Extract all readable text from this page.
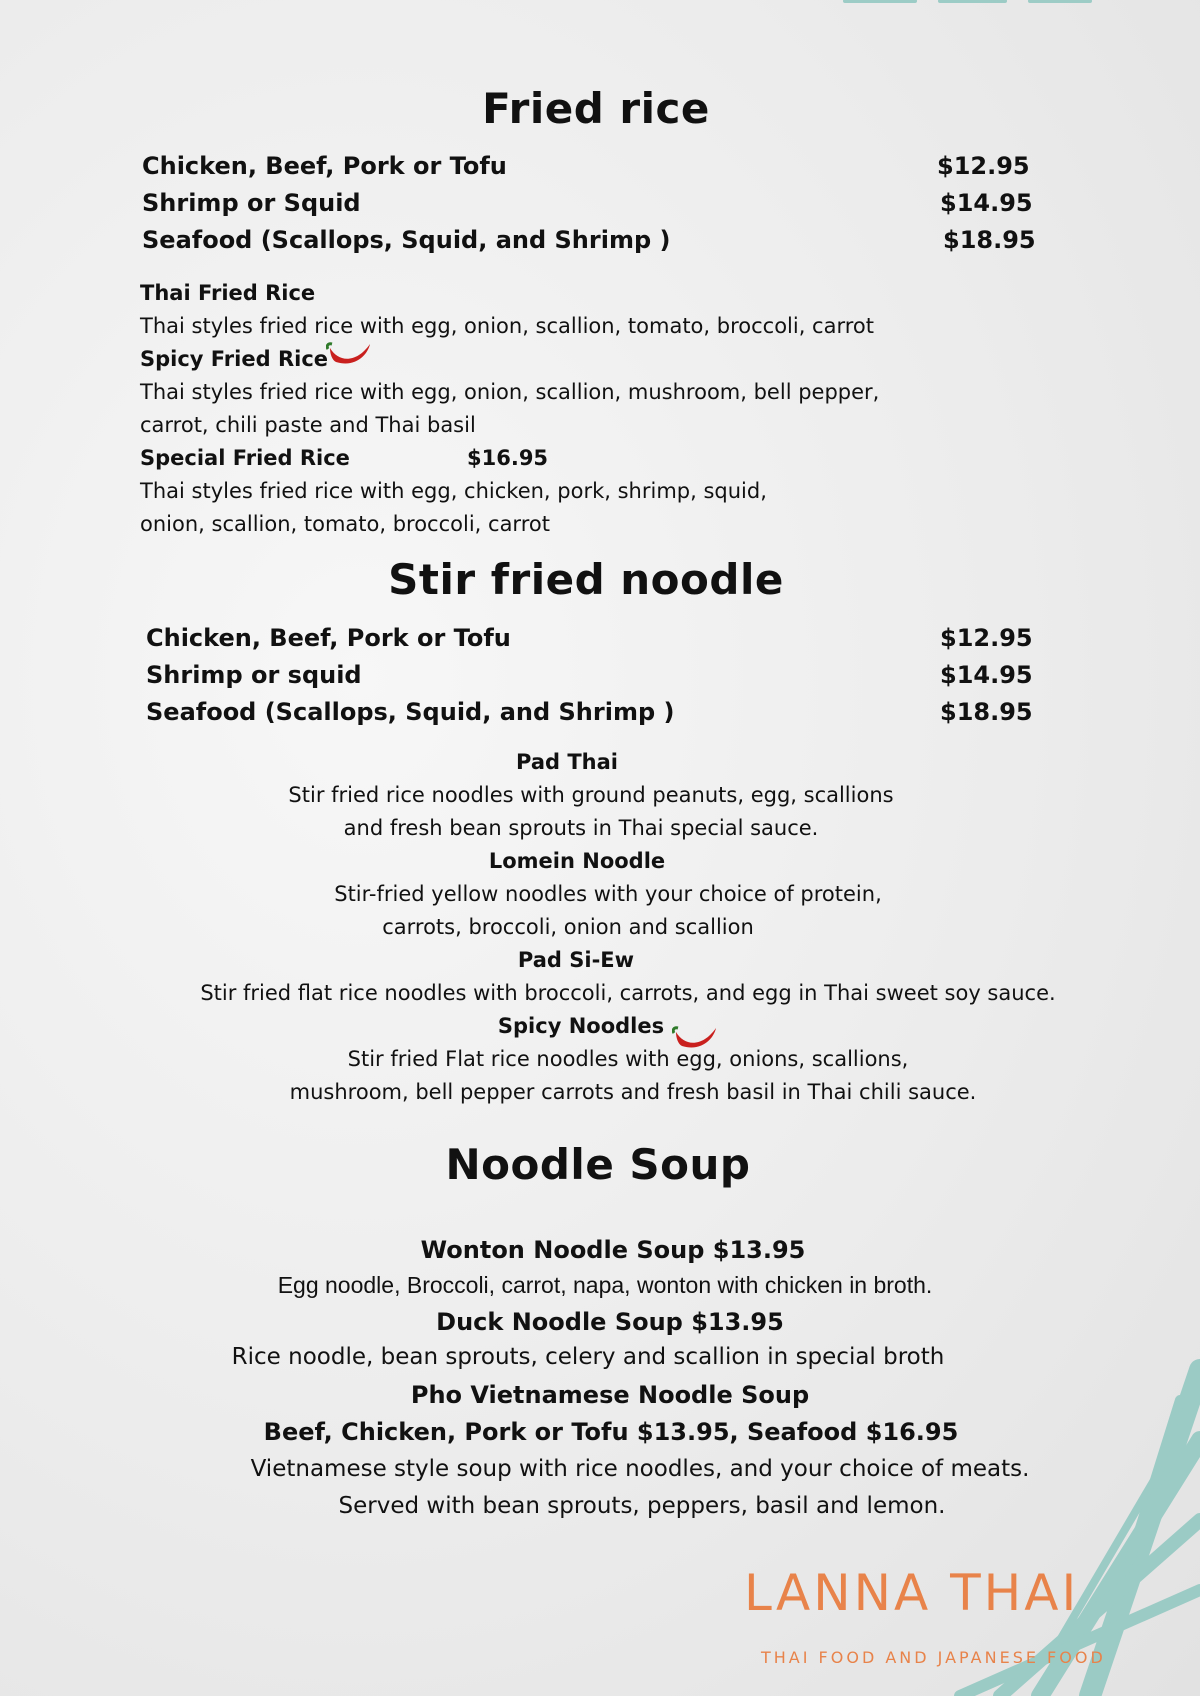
Fried rice
Chicken, Beef, Pork or Tofu	$12.95
Shrimp or Squid	$14.95
Seafood (Scallops, Squid, and Shrimp )	$18.95
Thai Fried Rice
Thai styles fried rice with egg, onion, scallion, tomato, broccoli, carrot
Spicy Fried Rice
Thai styles fried rice with egg, onion, scallion, mushroom, bell pepper,
carrot, chili paste and Thai basil
Special Fried Rice	$16.95
Thai styles fried rice with egg, chicken, pork, shrimp, squid,
onion, scallion, tomato, broccoli, carrot
Stir fried noodle
Chicken, Beef, Pork or Tofu	$12.95
Shrimp or squid	$14.95
Seafood (Scallops, Squid, and Shrimp )	$18.95
Pad Thai
Stir fried rice noodles with ground peanuts, egg, scallions
and fresh bean sprouts in Thai special sauce.
Lomein Noodle
Stir-fried yellow noodles with your choice of protein,
carrots, broccoli, onion and scallion
Pad Si-Ew
Stir fried flat rice noodles with broccoli, carrots, and egg in Thai sweet soy sauce.
Spicy Noodles
Stir fried Flat rice noodles with egg, onions, scallions,
mushroom, bell pepper carrots and fresh basil in Thai chili sauce.
Noodle Soup
Wonton Noodle Soup $13.95
Egg noodle, Broccoli, carrot, napa, wonton with chicken in broth.
Duck Noodle Soup $13.95
Rice noodle, bean sprouts, celery and scallion in special broth
Pho Vietnamese Noodle Soup
Beef, Chicken, Pork or Tofu $13.95, Seafood $16.95
Vietnamese style soup with rice noodles, and your choice of meats.
Served with bean sprouts, peppers, basil and lemon.
LANNA THAI
THAI FOOD AND JAPANESE FOOD
